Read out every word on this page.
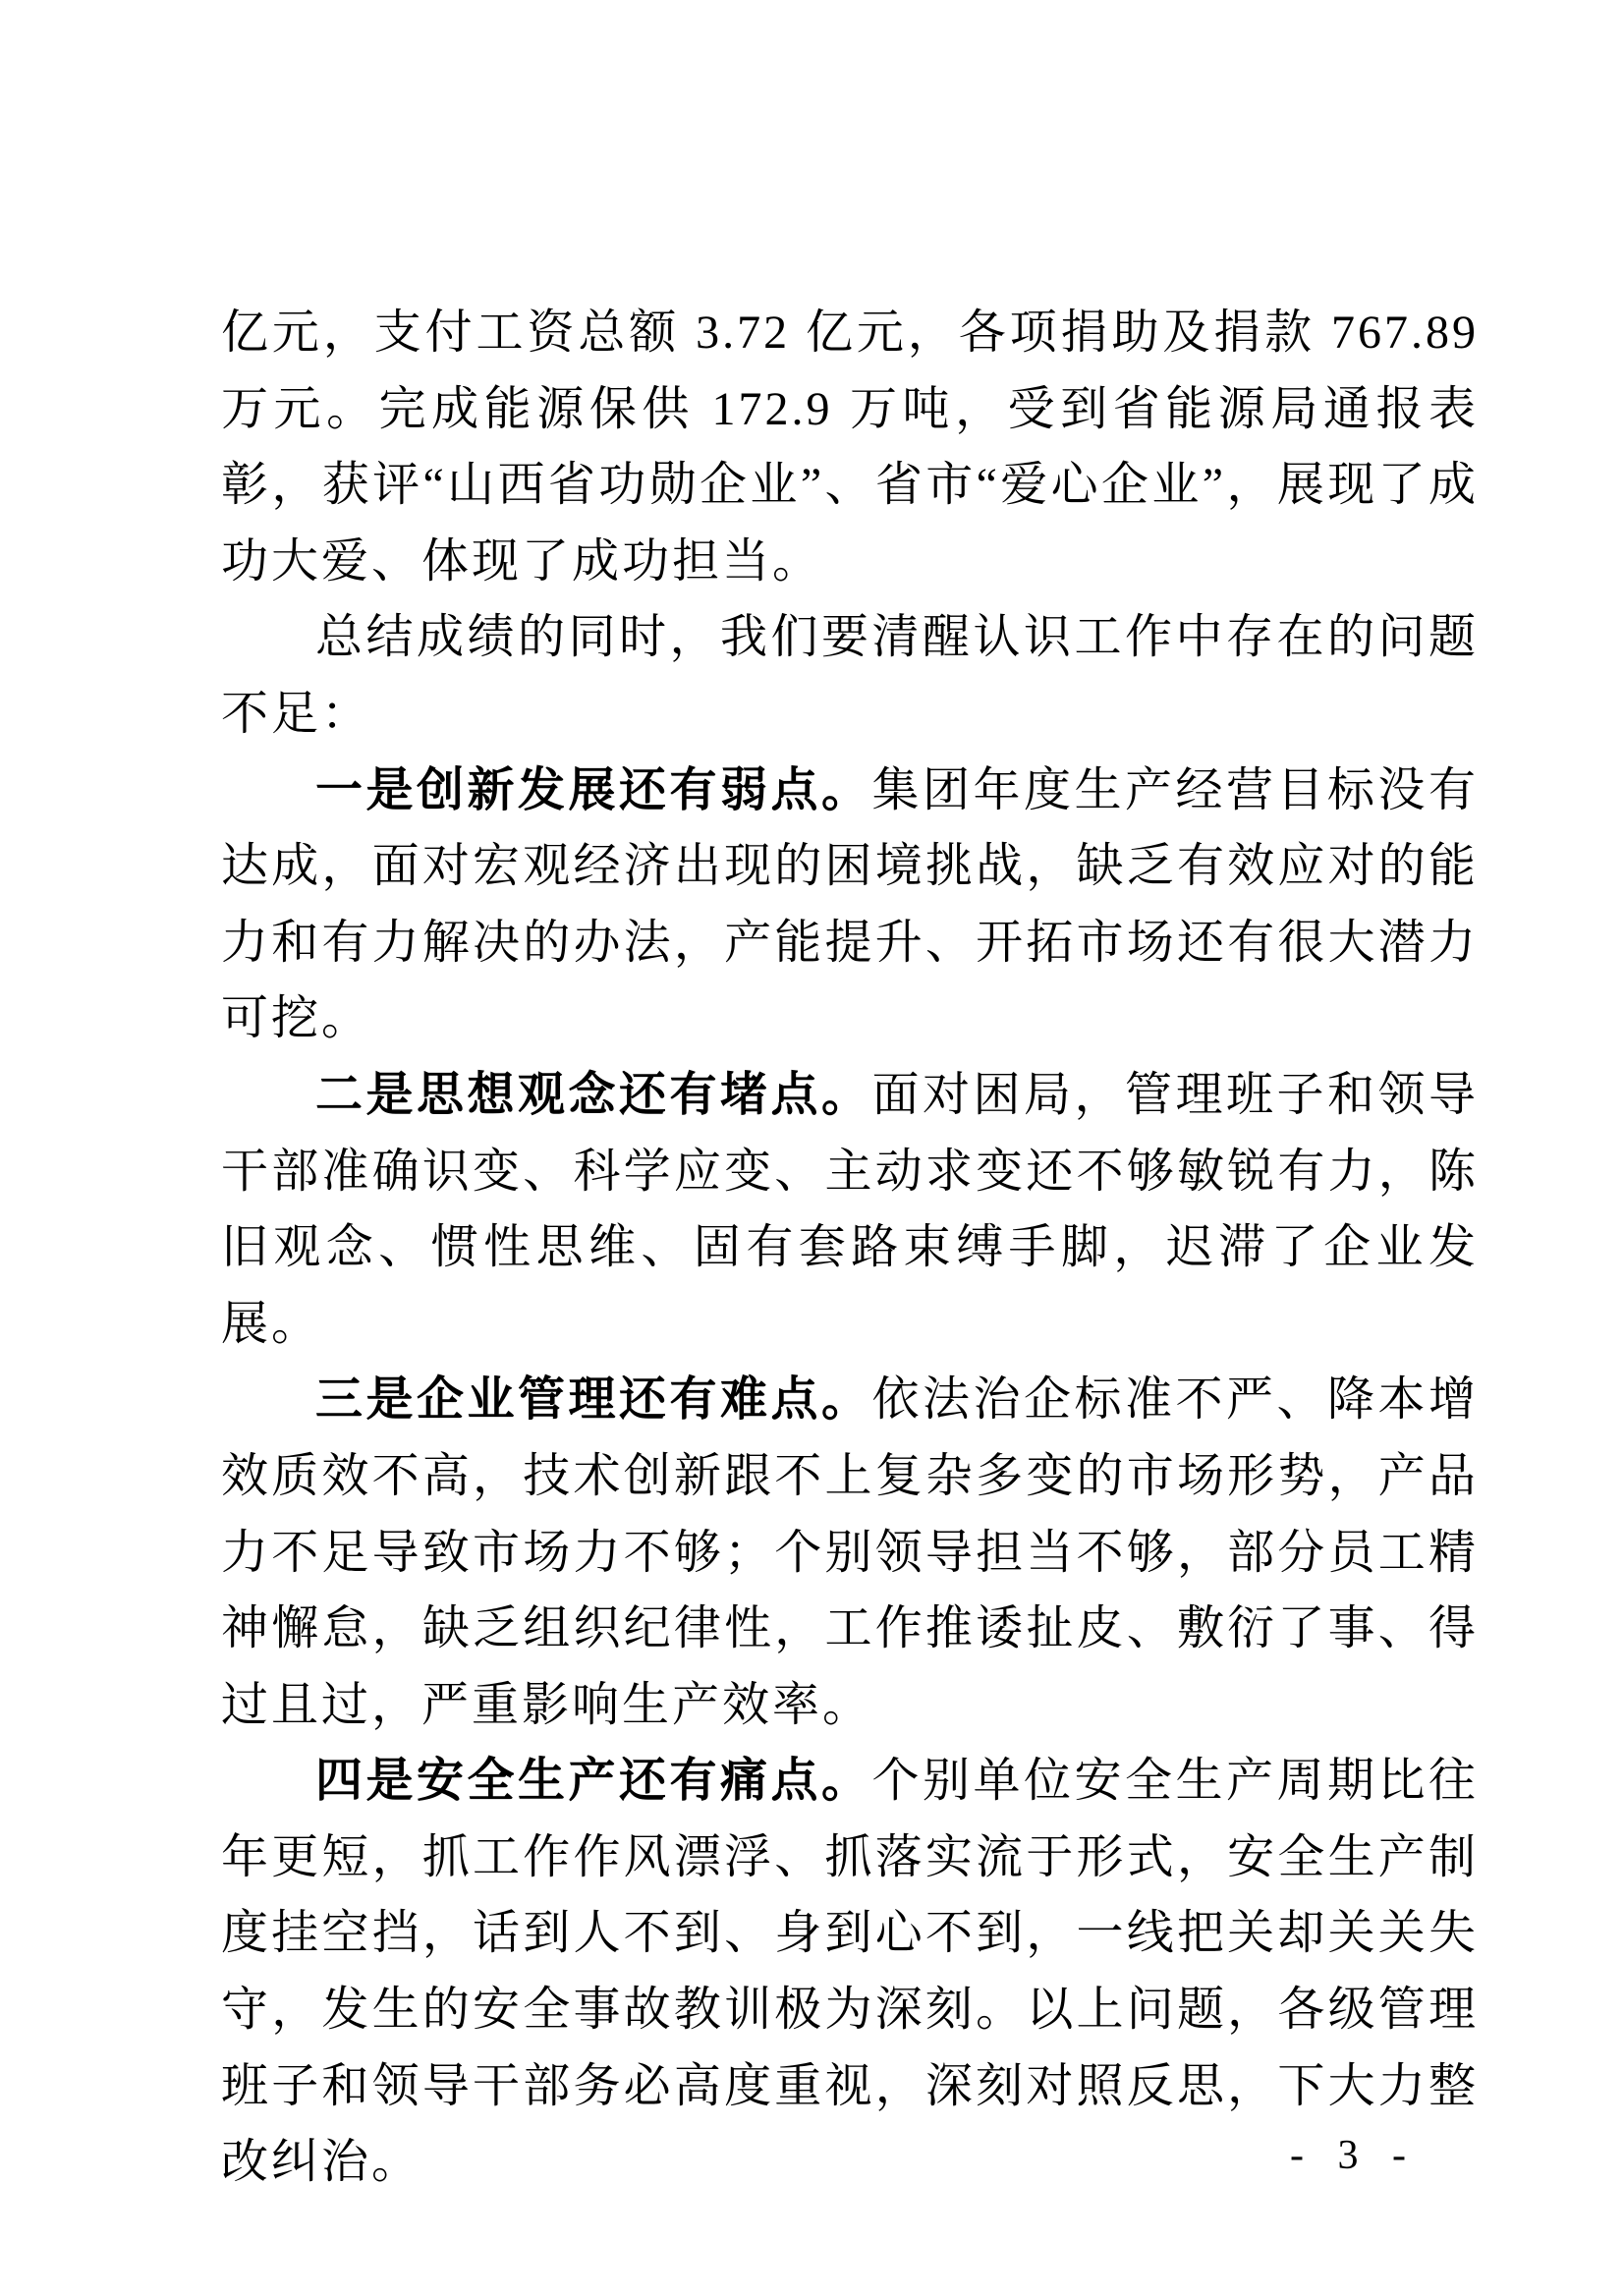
亿元，支付工资总额 3.72 亿元，各项捐助及捐款 767.89 万元。完成能源保供 172.9 万吨，受到省能源局通报表彰，获评“山西省功勋企业”、省市“爱心企业”，展现了成功大爱、体现了成功担当。

总结成绩的同时，我们要清醒认识工作中存在的问题不足：

一是创新发展还有弱点。集团年度生产经营目标没有达成，面对宏观经济出现的困境挑战，缺乏有效应对的能力和有力解决的办法，产能提升、开拓市场还有很大潜力可挖。

二是思想观念还有堵点。面对困局，管理班子和领导干部准确识变、科学应变、主动求变还不够敏锐有力，陈旧观念、惯性思维、固有套路束缚手脚，迟滞了企业发展。

三是企业管理还有难点。依法治企标准不严、降本增效质效不高，技术创新跟不上复杂多变的市场形势，产品力不足导致市场力不够；个别领导担当不够，部分员工精神懈怠，缺乏组织纪律性，工作推诿扯皮、敷衍了事、得过且过，严重影响生产效率。

四是安全生产还有痛点。个别单位安全生产周期比往年更短，抓工作作风漂浮、抓落实流于形式，安全生产制度挂空挡，话到人不到、身到心不到，一线把关却关关失守，发生的安全事故教训极为深刻。以上问题，各级管理班子和领导干部务必高度重视，深刻对照反思，下大力整改纠治。	- 3 -
